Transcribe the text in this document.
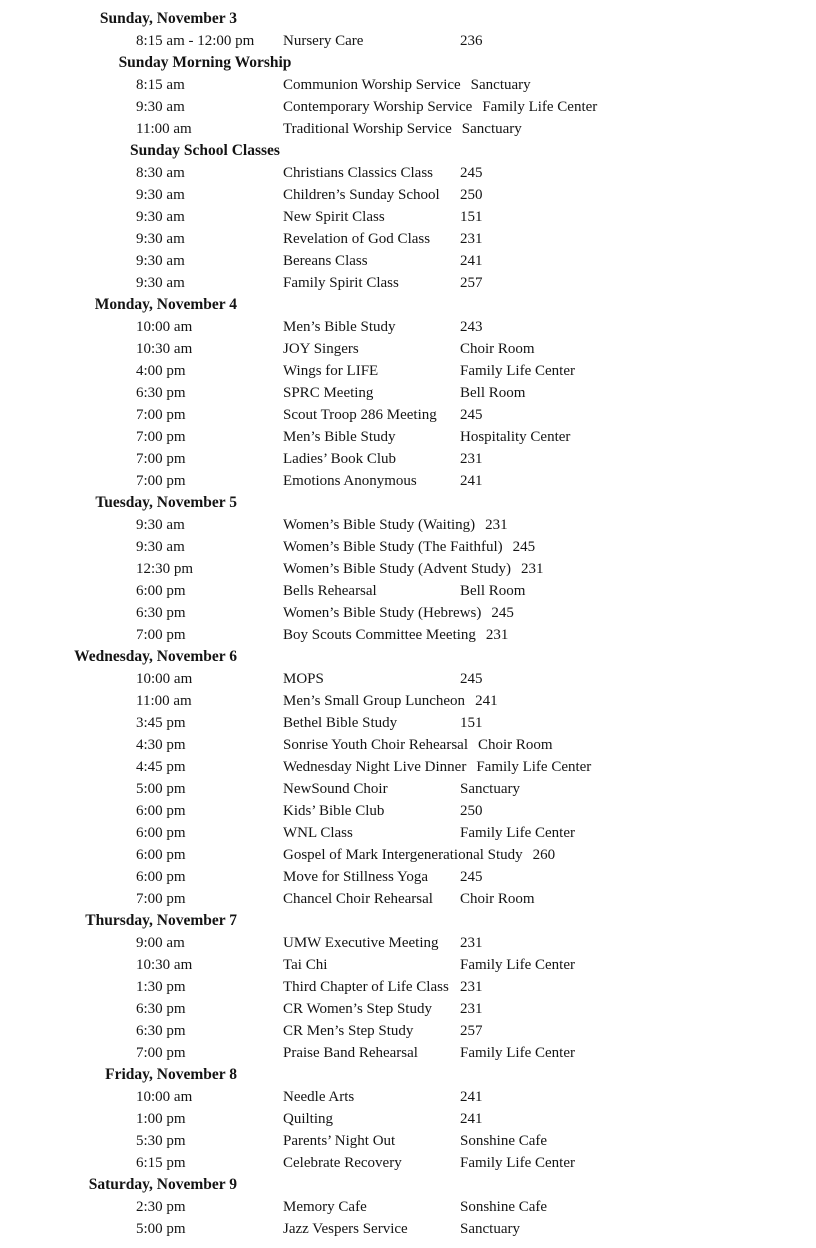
Sunday, November 3
8:15 am - 12:00 pm	Nursery Care	236
Sunday Morning Worship
8:15 am	Communion Worship Service Sanctuary
9:30 am	Contemporary Worship Service Family Life Center
11:00 am	Traditional Worship Service Sanctuary
Sunday School Classes
8:30 am	Christians Classics Class	245
9:30 am	Children’s Sunday School	250
9:30 am	New Spirit Class	151
9:30 am	Revelation of God Class	231
9:30 am	Bereans Class	241
9:30 am	Family Spirit Class	257
Monday, November 4
10:00 am	Men’s Bible Study	243
10:30 am	JOY Singers	Choir Room
4:00 pm	Wings for LIFE	Family Life Center
6:30 pm	SPRC Meeting	Bell Room
7:00 pm	Scout Troop 286 Meeting	245
7:00 pm	Men’s Bible Study	Hospitality Center
7:00 pm	Ladies’ Book Club	231
7:00 pm	Emotions Anonymous	241
Tuesday, November 5
9:30 am	Women’s Bible Study (Waiting) 231
9:30 am	Women’s Bible Study (The Faithful) 245
12:30 pm	Women’s Bible Study (Advent Study) 231
6:00 pm	Bells Rehearsal	Bell Room
6:30 pm	Women’s Bible Study (Hebrews) 245
7:00 pm	Boy Scouts Committee Meeting 231
Wednesday, November 6
10:00 am	MOPS	245
11:00 am	Men’s Small Group Luncheon 241
3:45 pm	Bethel Bible Study	151
4:30 pm	Sonrise Youth Choir Rehearsal Choir Room
4:45 pm	Wednesday Night Live Dinner Family Life Center
5:00 pm	NewSound Choir	Sanctuary
6:00 pm	Kids’ Bible Club	250
6:00 pm	WNL Class	Family Life Center
6:00 pm	Gospel of Mark Intergenerational Study 260
6:00 pm	Move for Stillness Yoga	245
7:00 pm	Chancel Choir Rehearsal	Choir Room
Thursday, November 7
9:00 am	UMW Executive Meeting	231
10:30 am	Tai Chi	Family Life Center
1:30 pm	Third Chapter of Life Class 231
6:30 pm	CR Women’s Step Study	231
6:30 pm	CR Men’s Step Study	257
7:00 pm	Praise Band Rehearsal	Family Life Center
Friday, November 8
10:00 am	Needle Arts	241
1:00 pm	Quilting	241
5:30 pm	Parents’ Night Out	Sonshine Cafe
6:15 pm	Celebrate Recovery	Family Life Center
Saturday, November 9
2:30 pm	Memory Cafe	Sonshine Cafe
5:00 pm	Jazz Vespers Service	Sanctuary
